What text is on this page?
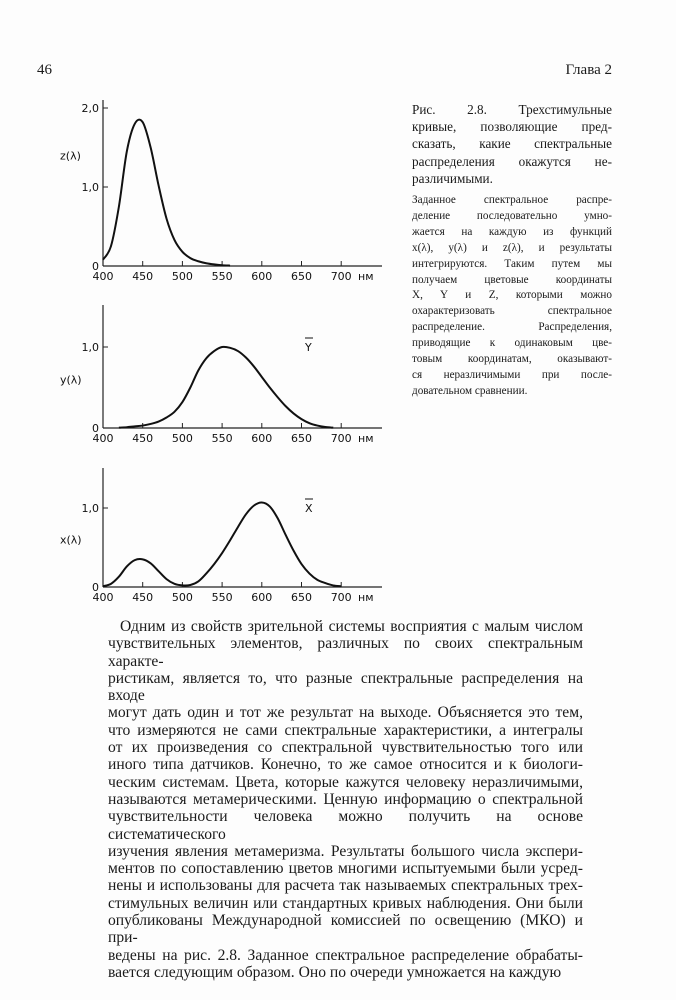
46	Глава 2
400 450 500 550 600 650 700 нм
0
1,0
2,0
z(λ)
400 450 500 550 600 650 700 нм
0
1,0
y(λ)
Y
400 450 500 550 600 650 700 нм
0
1,0
x(λ)
X
Рис. 2.8. Трехстимульные
кривые, позволяющие пред-
сказать, какие спектральные
распределения окажутся не-
различимыми.
Заданное спектральное распре-
деление последовательно умно-
жается на каждую из функций
x(λ), y(λ) и z(λ), и результаты
интегрируются. Таким путем мы
получаем цветовые координаты
X, Y и Z, которыми можно
охарактеризовать спектральное
распределение. Распределения,
приводящие к одинаковым цве-
товым координатам, оказывают-
ся неразличимыми при после-
довательном сравнении.
Одним из свойств зрительной системы восприятия с малым числом
чувствительных элементов, различных по своих спектральным характе-
ристикам, является то, что разные спектральные распределения на входе
могут дать один и тот же результат на выходе. Объясняется это тем,
что измеряются не сами спектральные характеристики, а интегралы
от их произведения со спектральной чувствительностью того или
иного типа датчиков. Конечно, то же самое относится и к биологи-
ческим системам. Цвета, которые кажутся человеку неразличимыми,
называются метамерическими. Ценную информацию о спектральной
чувствительности человека можно получить на основе систематического
изучения явления метамеризма. Результаты большого числа экспери-
ментов по сопоставлению цветов многими испытуемыми были усред-
нены и использованы для расчета так называемых спектральных трех-
стимульных величин или стандартных кривых наблюдения. Они были
опубликованы Международной комиссией по освещению (МКО) и при-
ведены на рис. 2.8. Заданное спектральное распределение обрабаты-
вается следующим образом. Оно по очереди умножается на каждую
